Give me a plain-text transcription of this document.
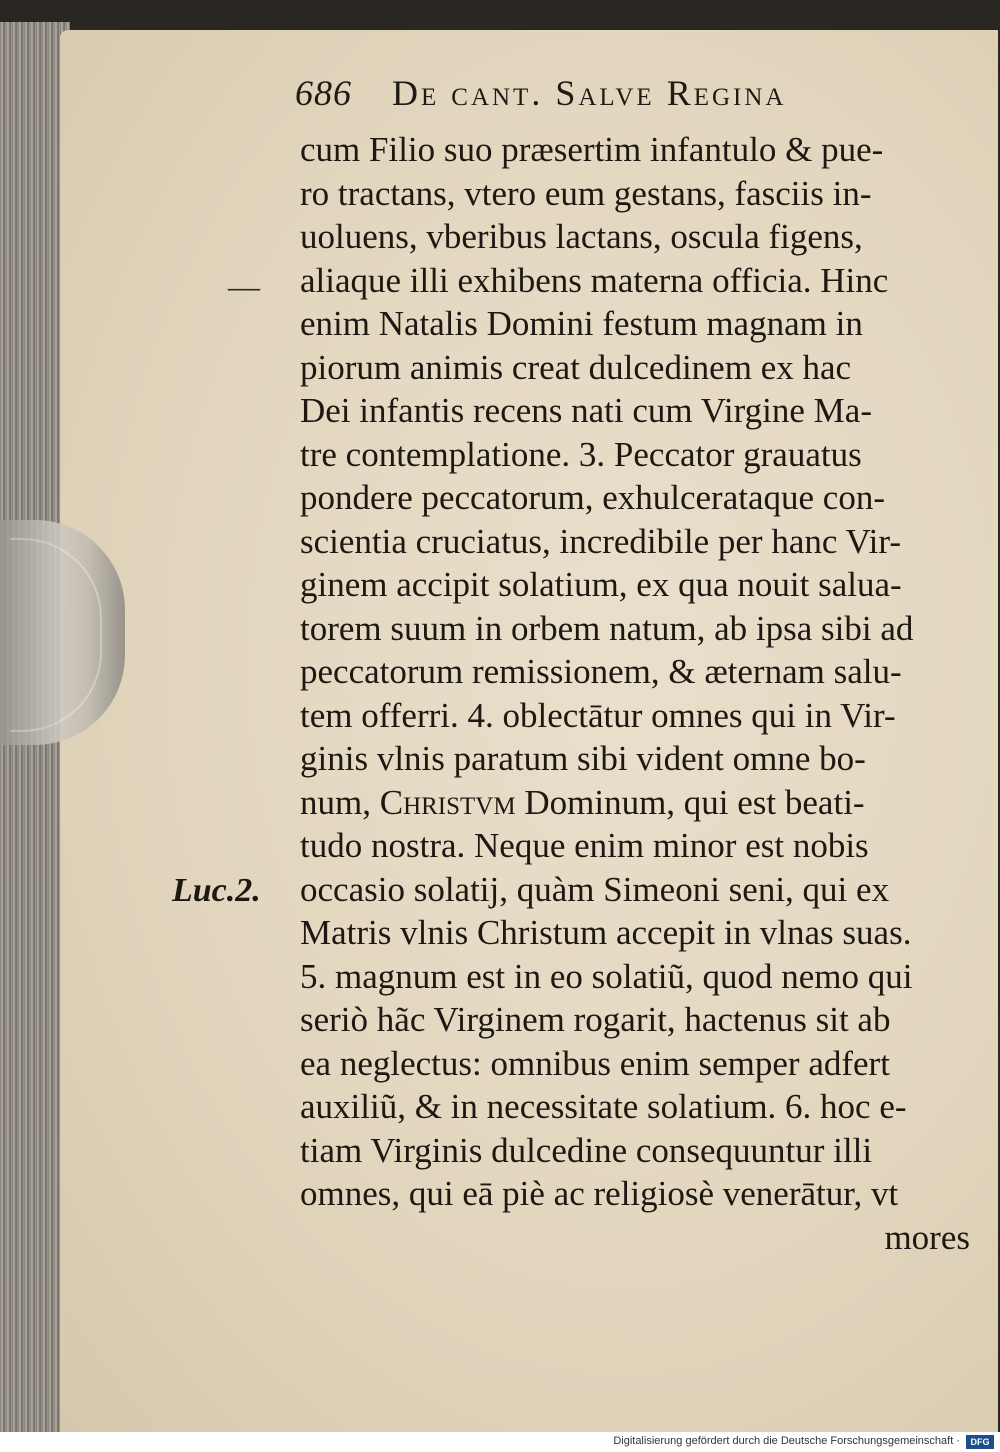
686 De cant. Salve Regina
—
Luc.2.
cum Filio suo præsertim infantulo & pue-
ro tractans, vtero eum gestans, fasciis in-
uoluens, vberibus lactans, oscula figens,
aliaque illi exhibens materna officia. Hinc
enim Natalis Domini festum magnam in
piorum animis creat dulcedinem ex hac
Dei infantis recens nati cum Virgine Ma-
tre contemplatione. 3. Peccator grauatus
pondere peccatorum, exhulcerataque con-
scientia cruciatus, incredibile per hanc Vir-
ginem accipit solatium, ex qua nouit salua-
torem suum in orbem natum, ab ipsa sibi ad
peccatorum remissionem, & æternam salu-
tem offerri. 4. oblectātur omnes qui in Vir-
ginis vlnis paratum sibi vident omne bo-
num, Christvm Dominum, qui est beati-
tudo nostra. Neque enim minor est nobis
occasio solatij, quàm Simeoni seni, qui ex
Matris vlnis Christum accepit in vlnas suas.
5. magnum est in eo solatiũ, quod nemo qui
seriò hãc Virginem rogarit, hactenus sit ab
ea neglectus: omnibus enim semper adfert
auxiliũ, & in necessitate solatium. 6. hoc e-
tiam Virginis dulcedine consequuntur illi
omnes, qui eā piè ac religiosè venerātur, vt
mores
Digitalisierung gefördert durch die Deutsche Forschungsgemeinschaft ·	DFG
